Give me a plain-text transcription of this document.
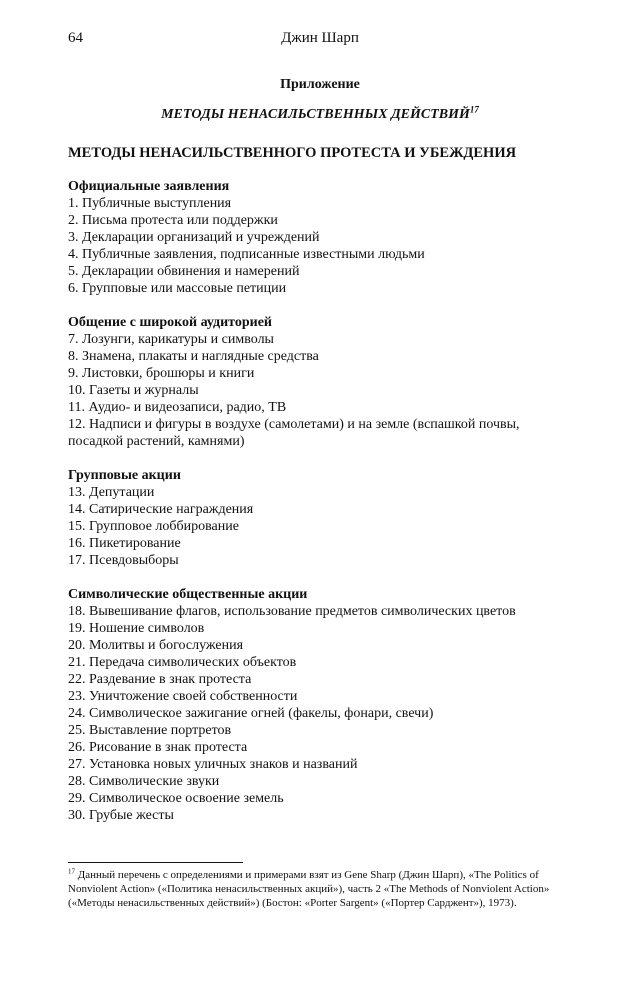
64	Джин Шарп
Приложение
МЕТОДЫ НЕНАСИЛЬСТВЕННЫХ ДЕЙСТВИЙ$^{17}$
МЕТОДЫ НЕНАСИЛЬСТВЕННОГО ПРОТЕСТА И УБЕЖДЕНИЯ
Официальные заявления
1. Публичные выступления
2. Письма протеста или поддержки
3. Декларации организаций и учреждений
4. Публичные заявления, подписанные известными людьми
5. Декларации обвинения и намерений
6. Групповые или массовые петиции
Общение с широкой аудиторией
7. Лозунги, карикатуры и символы
8. Знамена, плакаты и наглядные средства
9. Листовки, брошюры и книги
10. Газеты и журналы
11. Аудио- и видеозаписи, радио, ТВ
12. Надписи и фигуры в воздухе (самолетами) и на земле (вспашкой почвы, посадкой растений, камнями)
Групповые акции
13. Депутации
14. Сатирические награждения
15. Групповое лоббирование
16. Пикетирование
17. Псевдовыборы
Символические общественные акции
18. Вывешивание флагов, использование предметов символических цветов
19. Ношение символов
20. Молитвы и богослужения
21. Передача символических объектов
22. Раздевание в знак протеста
23. Уничтожение своей собственности
24. Символическое зажигание огней (факелы, фонари, свечи)
25. Выставление портретов
26. Рисование в знак протеста
27. Установка новых уличных знаков и названий
28. Символические звуки
29. Символическое освоение земель
30. Грубые жесты
$^{17}$ Данный перечень с определениями и примерами взят из Gene Sharp (Джин Шарп), «The Politics of Nonviolent Action» («Политика ненасильственных акций»), часть 2 «The Methods of Nonviolent Action» («Методы ненасильственных действий») (Бостон: «Porter Sargent» («Портер Сарджент»), 1973).
